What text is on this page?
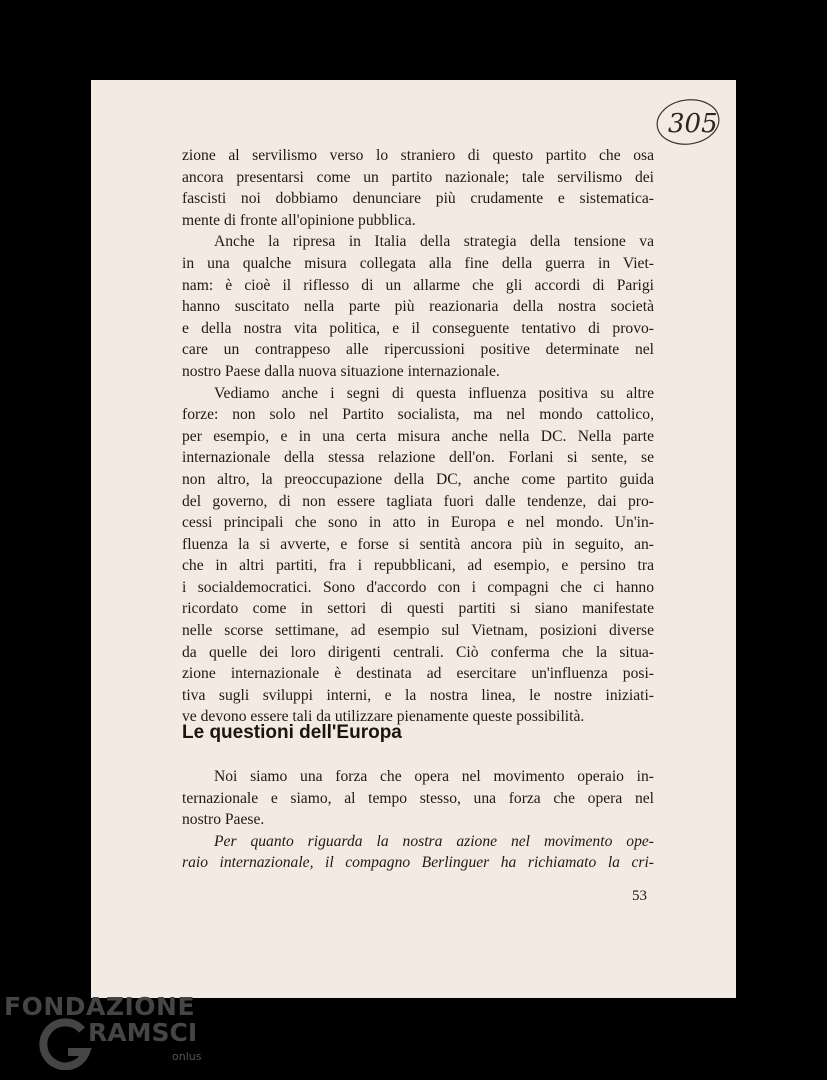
305
zione al servilismo verso lo straniero di questo partito che osa
ancora presentarsi come un partito nazionale; tale servilismo dei
fascisti noi dobbiamo denunciare più crudamente e sistematica-
mente di fronte all'opinione pubblica.
Anche la ripresa in Italia della strategia della tensione va
in una qualche misura collegata alla fine della guerra in Viet-
nam: è cioè il riflesso di un allarme che gli accordi di Parigi
hanno suscitato nella parte più reazionaria della nostra società
e della nostra vita politica, e il conseguente tentativo di provo-
care un contrappeso alle ripercussioni positive determinate nel
nostro Paese dalla nuova situazione internazionale.
Vediamo anche i segni di questa influenza positiva su altre
forze: non solo nel Partito socialista, ma nel mondo cattolico,
per esempio, e in una certa misura anche nella DC. Nella parte
internazionale della stessa relazione dell'on. Forlani si sente, se
non altro, la preoccupazione della DC, anche come partito guida
del governo, di non essere tagliata fuori dalle tendenze, dai pro-
cessi principali che sono in atto in Europa e nel mondo. Un'in-
fluenza la si avverte, e forse si sentità ancora più in seguito, an-
che in altri partiti, fra i repubblicani, ad esempio, e persino tra
i socialdemocratici. Sono d'accordo con i compagni che ci hanno
ricordato come in settori di questi partiti si siano manifestate
nelle scorse settimane, ad esempio sul Vietnam, posizioni diverse
da quelle dei loro dirigenti centrali. Ciò conferma che la situa-
zione internazionale è destinata ad esercitare un'influenza posi-
tiva sugli sviluppi interni, e la nostra linea, le nostre iniziati-
ve devono essere tali da utilizzare pienamente queste possibilità.
Le questioni dell'Europa
Noi siamo una forza che opera nel movimento operaio in-
ternazionale e siamo, al tempo stesso, una forza che opera nel
nostro Paese.
Per quanto riguarda la nostra azione nel movimento ope-
raio internazionale, il compagno Berlinguer ha richiamato la cri-
53
FONDAZIONE
RAMSCI
onlus
